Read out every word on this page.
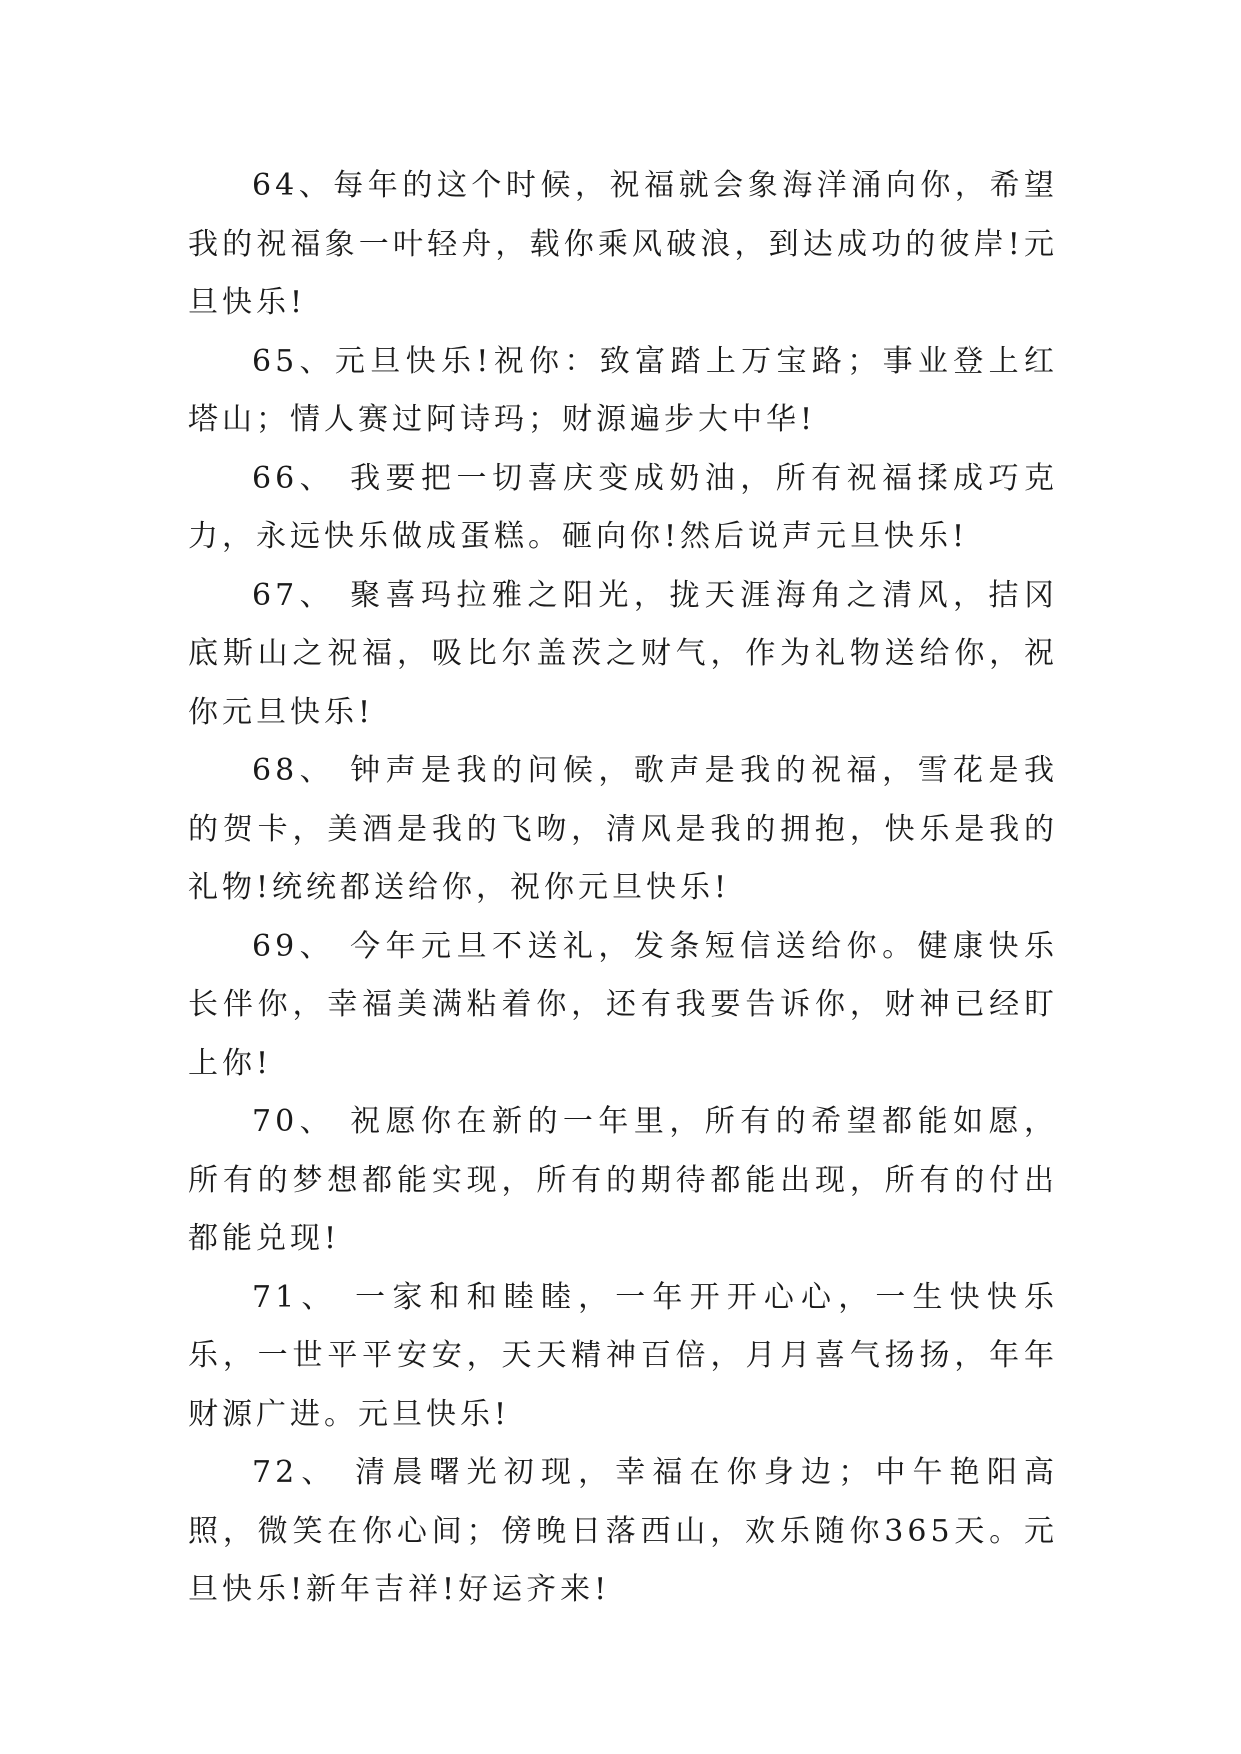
64、每年的这个时候，祝福就会象海洋涌向你，希望我的祝福象一叶轻舟，载你乘风破浪，到达成功的彼岸!元旦快乐!

65、元旦快乐!祝你：致富踏上万宝路；事业登上红塔山；情人赛过阿诗玛；财源遍步大中华!

66、 我要把一切喜庆变成奶油，所有祝福揉成巧克力，永远快乐做成蛋糕。砸向你!然后说声元旦快乐!

67、 聚喜玛拉雅之阳光，拢天涯海角之清风，拮冈底斯山之祝福，吸比尔盖茨之财气，作为礼物送给你，祝你元旦快乐!

68、 钟声是我的问候，歌声是我的祝福，雪花是我的贺卡，美酒是我的飞吻，清风是我的拥抱，快乐是我的礼物!统统都送给你，祝你元旦快乐!

69、 今年元旦不送礼，发条短信送给你。健康快乐长伴你，幸福美满粘着你，还有我要告诉你，财神已经盯上你!

70、 祝愿你在新的一年里，所有的希望都能如愿，所有的梦想都能实现，所有的期待都能出现，所有的付出都能兑现!

71、 一家和和睦睦，一年开开心心，一生快快乐乐，一世平平安安，天天精神百倍，月月喜气扬扬，年年财源广进。元旦快乐!

72、 清晨曙光初现，幸福在你身边；中午艳阳高照，微笑在你心间；傍晚日落西山，欢乐随你365天。元旦快乐!新年吉祥!好运齐来!
